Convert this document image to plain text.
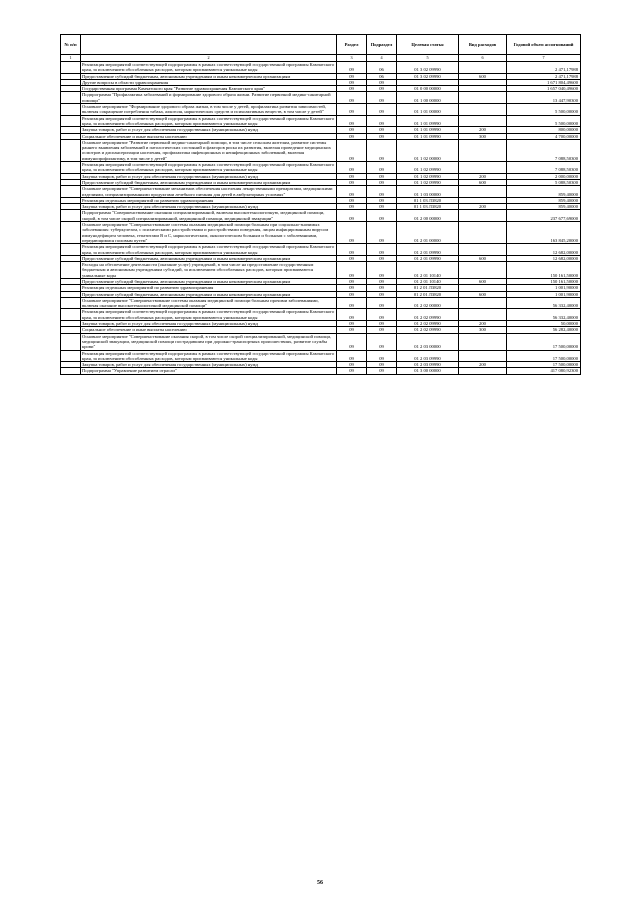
№ п/п		Раздел	Подраздел	Целевая статья	Вид расходов	Годовой объем ассигнований
1	2	3	4	5	6	7
	Реализация мероприятий соответствующей подпрограммы в рамках соответствующей государственной программы Камчатского края, за исключением обособленных расходов, которым присваиваются уникальные коды	09	06	01 3 02 09990		2 471,17988
	Предоставление субсидий бюджетным, автономным учреждениям и иным некоммерческим организациям	09	06	01 3 02 09990	600	2 471,17988
	Другие вопросы в области здравоохранения	09	09			1 671 804,49600
	Государственная программа Камчатского края "Развитие здравоохранения Камчатского края"	09	09	01 0 00 00000		1 657 040,49600
	Подпрограмма "Профилактика заболеваний и формирование здорового образа жизни. Развитие первичной медико-санитарной помощи"	09	09	01 1 00 00000		13 447,90300
	Основное мероприятие "Формирование здорового образа жизни, в том числе у детей, профилактика развития зависимостей, включая сокращение потребления табака, алкоголя, наркотических средств и психоактивных веществ, в том числе у детей"	09	09	01 1 01 00000		5 500,00000
	Реализация мероприятий соответствующей подпрограммы в рамках соответствующей государственной программы Камчатского края, за исключением обособленных расходов, которым присваиваются уникальные коды	09	09	01 1 01 09990		5 500,00000
	Закупка товаров, работ и услуг для обеспечения государственных (муниципальных) нужд	09	09	01 1 01 09990	200	800,00000
	Социальное обеспечение и иные выплаты населению	09	09	01 1 01 09990	300	4 700,00000
	Основное мероприятие "Развитие первичной медико-санитарной помощи, в том числе сельским жителям, развитие системы раннего выявления заболеваний и патологических состояний и факторов риска их развития, включая проведение медицинских осмотров и диспансеризации населения, профилактика инфекционных и неинфекционных заболеваний, включая иммунопрофилактику, в том числе у детей"	09	09	01 1 02 00000		7 088,50300
	Реализация мероприятий соответствующей подпрограммы в рамках соответствующей государственной программы Камчатского края, за исключением обособленных расходов, которым присваиваются уникальные коды	09	09	01 1 02 09990		7 088,50300
	Закупка товаров, работ и услуг для обеспечения государственных (муниципальных) нужд	09	09	01 1 02 09990	200	2 000,00000
	Предоставление субсидий бюджетным, автономным учреждениям и иным некоммерческим организациям	09	09	01 1 02 09990	600	5 088,50300
	Основное мероприятие "Совершенствование механизмов обеспечения населения лекарственными препаратами, медицинскими изделиями, специализированными продуктами лечебного питания для детей в амбулаторных условиях"	09	09	01 1 03 00000		859,40000
	Реализация отдельных мероприятий по развитию здравоохранения	09	09	01 1 03 Л3820		859,40000
	Закупка товаров, работ и услуг для обеспечения государственных (муниципальных) нужд	09	09	01 1 03 Л3820	200	859,40000
	Подпрограмма "Совершенствование оказания специализированной, включая высокотехнологичную, медицинской помощи, скорой, в том числе скорой специализированной, медицинской помощи, медицинской эвакуации"	09	09	01 2 00 00000		237 677,69000
	Основное мероприятие "Совершенствование системы оказания медицинской помощи больным при социально-значимых заболеваниях: туберкулезом, с психическими расстройствами и расстройствами поведения, лицам инфицированным вирусом иммунодефицита человека, гепатитами В и С, наркологическим, онкологическим больным и больным с заболеваниями, передающимися половым путем"	09	09	01 2 01 00000		163 845,20000
	Реализация мероприятий соответствующей подпрограммы в рамках соответствующей государственной программы Камчатского края, за исключением обособленных расходов, которым присваиваются уникальные коды	09	09	01 2 01 09990		12 682,00000
	Предоставление субсидий бюджетным, автономным учреждениям и иным некоммерческим организациям	09	09	01 2 01 09990	600	12 682,00000
	Расходы на обеспечение деятельности (оказание услуг) учреждений, в том числе на предоставление государственным бюджетным и автономным учреждениям субсидий, за исключением обособленных расходов, которым присваиваются уникальные коды	09	09	01 2 01 10140		150 161,50000
	Предоставление субсидий бюджетным, автономным учреждениям и иным некоммерческим организациям	09	09	01 2 01 10140	600	150 161,50000
	Реализация отдельных мероприятий по развитию здравоохранения	09	09	01 2 01 Л3820		1 001,90000
	Предоставление субсидий бюджетным, автономным учреждениям и иным некоммерческим организациям	09	09	01 2 01 Л3820	600	1 001,90000
	Основное мероприятие "Совершенствование системы оказания медицинской помощи больным прочими заболеваниями, включая оказание высокотехнологичной медицинской помощи"	09	09	01 2 02 00000		56 332,40000
	Реализация мероприятий соответствующей подпрограммы в рамках соответствующей государственной программы Камчатского края, за исключением обособленных расходов, которым присваиваются уникальные коды	09	09	01 2 02 09990		56 332,40000
	Закупка товаров, работ и услуг для обеспечения государственных (муниципальных) нужд	09	09	01 2 02 09990	200	50,00000
	Социальное обеспечение и иные выплаты населению	09	09	01 2 02 09990	300	56 282,40000
	Основное мероприятие "Совершенствование оказания скорой, в том числе скорой специализированной, медицинской помощи, медицинской эвакуации, медицинской помощи пострадавшим при дорожно-транспортных происшествиях, развитие службы крови"	09	09	01 2 03 00000		17 500,00000
	Реализация мероприятий соответствующей подпрограммы в рамках соответствующей государственной программы Камчатского края, за исключением обособленных расходов, которым присваиваются уникальные коды	09	09	01 2 03 09990		17 500,00000
	Закупка товаров, работ и услуг для обеспечения государственных (муниципальных) нужд	09	09	01 2 03 09990	200	17 500,00000
	Подпрограмма "Управление развитием отрасли"	09	09	01 3 00 00000		417 080,92300
56
